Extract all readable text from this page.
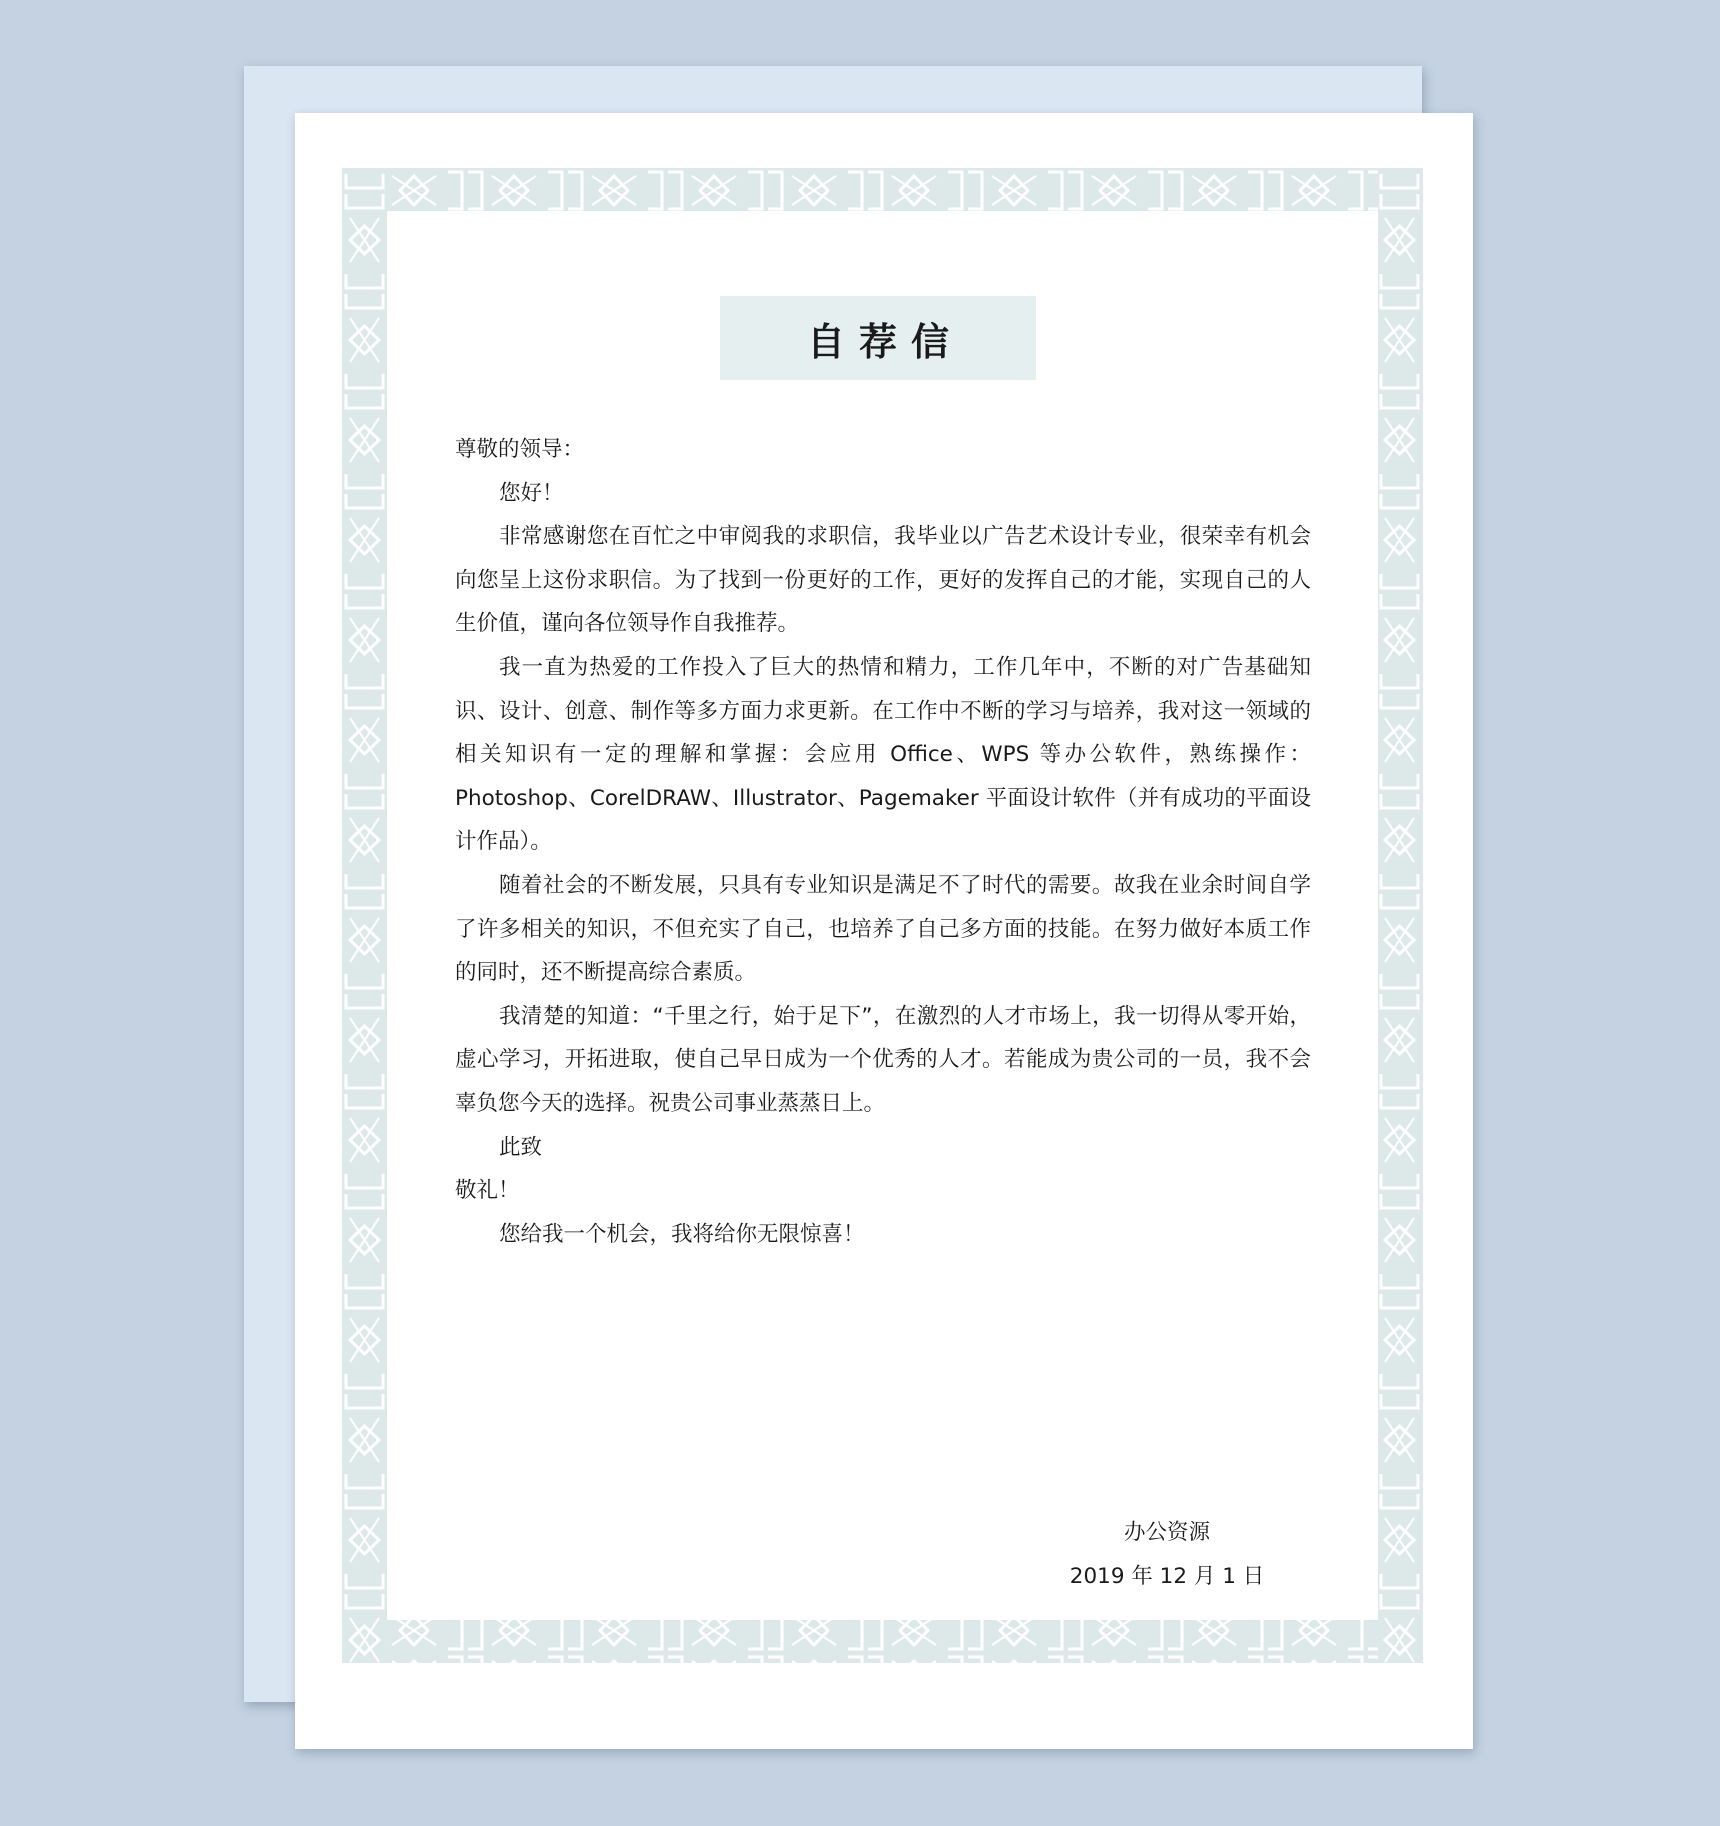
自荐信

尊敬的领导：

您好！

非常感谢您在百忙之中审阅我的求职信，我毕业以广告艺术设计专业，很荣幸有机会向您呈上这份求职信。为了找到一份更好的工作，更好的发挥自己的才能，实现自己的人生价值，谨向各位领导作自我推荐。

我一直为热爱的工作投入了巨大的热情和精力，工作几年中，不断的对广告基础知识、设计、创意、制作等多方面力求更新。在工作中不断的学习与培养，我对这一领域的相关知识有一定的理解和掌握：会应用 Office、WPS 等办公软件，熟练操作：Photoshop、CorelDRAW、Illustrator、Pagemaker 平面设计软件（并有成功的平面设计作品）。

随着社会的不断发展，只具有专业知识是满足不了时代的需要。故我在业余时间自学了许多相关的知识，不但充实了自己，也培养了自己多方面的技能。在努力做好本质工作的同时，还不断提高综合素质。

我清楚的知道：“千里之行，始于足下”，在激烈的人才市场上，我一切得从零开始，虚心学习，开拓进取，使自己早日成为一个优秀的人才。若能成为贵公司的一员，我不会辜负您今天的选择。祝贵公司事业蒸蒸日上。

此致

敬礼！

您给我一个机会，我将给你无限惊喜！

办公资源

2019 年 12 月 1 日
